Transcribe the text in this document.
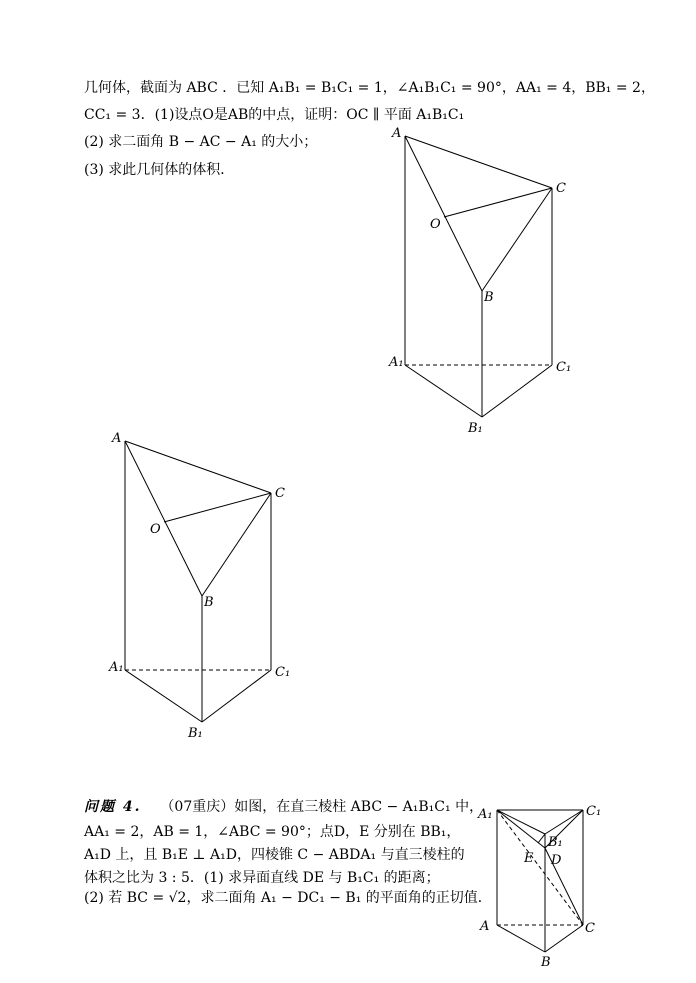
几何体，截面为 ABC ．已知 A₁B₁ = B₁C₁ = 1，∠A₁B₁C₁ = 90°，AA₁ = 4，BB₁ = 2，
CC₁ = 3．(1)设点O是AB的中点，证明：OC ∥ 平面 A₁B₁C₁
(2) 求二面角 B − AC − A₁ 的大小；
(3) 求此几何体的体积．
A
C
O
B
A₁	C₁
B₁
A
C
O
B
A₁	C₁
B₁
A₁	C₁
B₁
E D
A	C
B
问题 4. （07重庆）如图，在直三棱柱 ABC − A₁B₁C₁ 中，
AA₁ = 2，AB = 1，∠ABC = 90°；点D，E 分别在 BB₁，
A₁D 上，且 B₁E ⊥ A₁D，四棱锥 C − ABDA₁ 与直三棱柱的
体积之比为 3 : 5．(1) 求异面直线 DE 与 B₁C₁ 的距离；
(2) 若 BC = √2，求二面角 A₁ − DC₁ − B₁ 的平面角的正切值．
